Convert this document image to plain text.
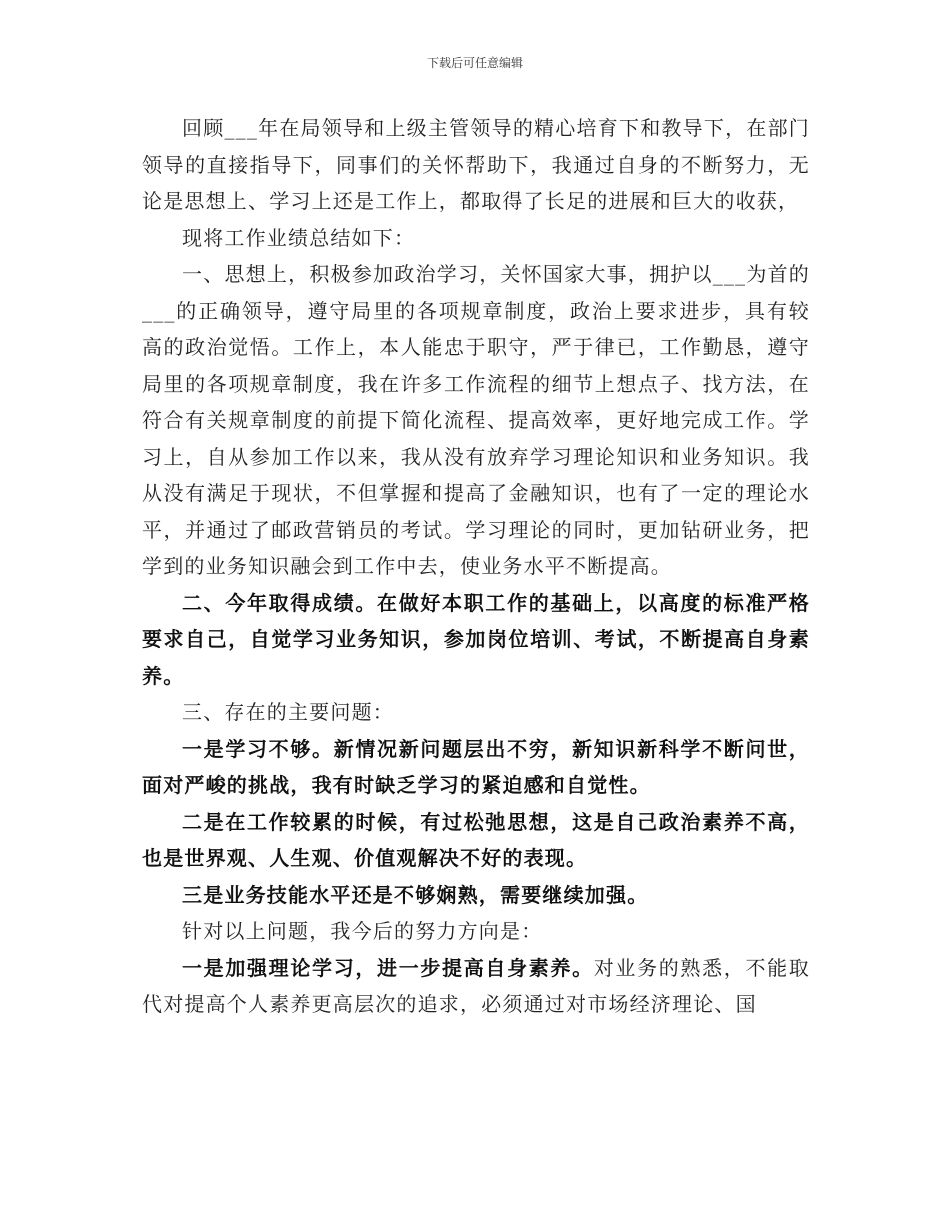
下载后可任意编辑

回顾___年在局领导和上级主管领导的精心培育下和教导下，在部门领导的直接指导下，同事们的关怀帮助下，我通过自身的不断努力，无论是思想上、学习上还是工作上，都取得了长足的进展和巨大的收获，

现将工作业绩总结如下：

一、思想上，积极参加政治学习，关怀国家大事，拥护以___为首的___的正确领导，遵守局里的各项规章制度，政治上要求进步，具有较高的政治觉悟。工作上，本人能忠于职守，严于律已，工作勤恳，遵守局里的各项规章制度，我在许多工作流程的细节上想点子、找方法，在符合有关规章制度的前提下简化流程、提高效率，更好地完成工作。学习上，自从参加工作以来，我从没有放弃学习理论知识和业务知识。我从没有满足于现状，不但掌握和提高了金融知识，也有了一定的理论水平，并通过了邮政营销员的考试。学习理论的同时，更加钻研业务，把学到的业务知识融会到工作中去，使业务水平不断提高。

二、今年取得成绩。在做好本职工作的基础上，以高度的标准严格要求自己，自觉学习业务知识，参加岗位培训、考试，不断提高自身素养。

三、存在的主要问题：

一是学习不够。新情况新问题层出不穷，新知识新科学不断问世，面对严峻的挑战，我有时缺乏学习的紧迫感和自觉性。

二是在工作较累的时候，有过松弛思想，这是自己政治素养不高，也是世界观、人生观、价值观解决不好的表现。

三是业务技能水平还是不够娴熟，需要继续加强。

针对以上问题，我今后的努力方向是：

一是加强理论学习，进一步提高自身素养。对业务的熟悉，不能取代对提高个人素养更高层次的追求，必须通过对市场经济理论、国
